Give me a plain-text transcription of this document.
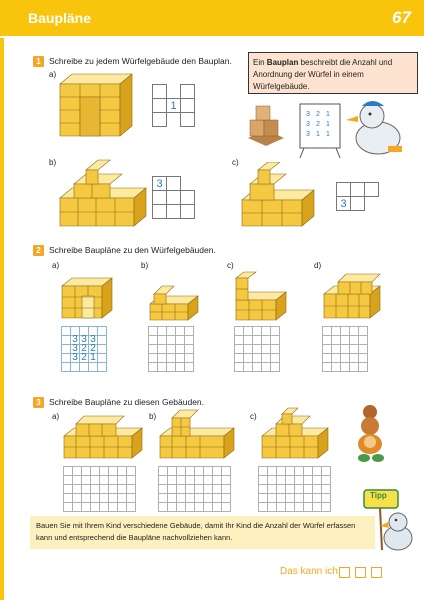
Baupläne	67
1 Schreibe zu jedem Würfelgebäude den Bauplan.	Ein Bauplan beschreibt die Anzahl und Anordnung der Würfel in einem Würfelgebäude.
a)

	1	

3 2 1
3 2 1
3 1 1
b)
3		

c)

3		
2 Schreibe Baupläne zu den Würfelgebäuden.
a)	b)	c)	d)

	3	3	3	
	3	2	2	
	3	2	1	

3 Schreibe Baupläne zu diesen Gebäuden.
a)	b)	c)

Bauen Sie mit Ihrem Kind verschiedene Gebäude, damit Ihr Kind die Anzahl der Würfel erfassen kann und entsprechend die Baupläne nachvollziehen kann.
Tipp
Das kann ich
